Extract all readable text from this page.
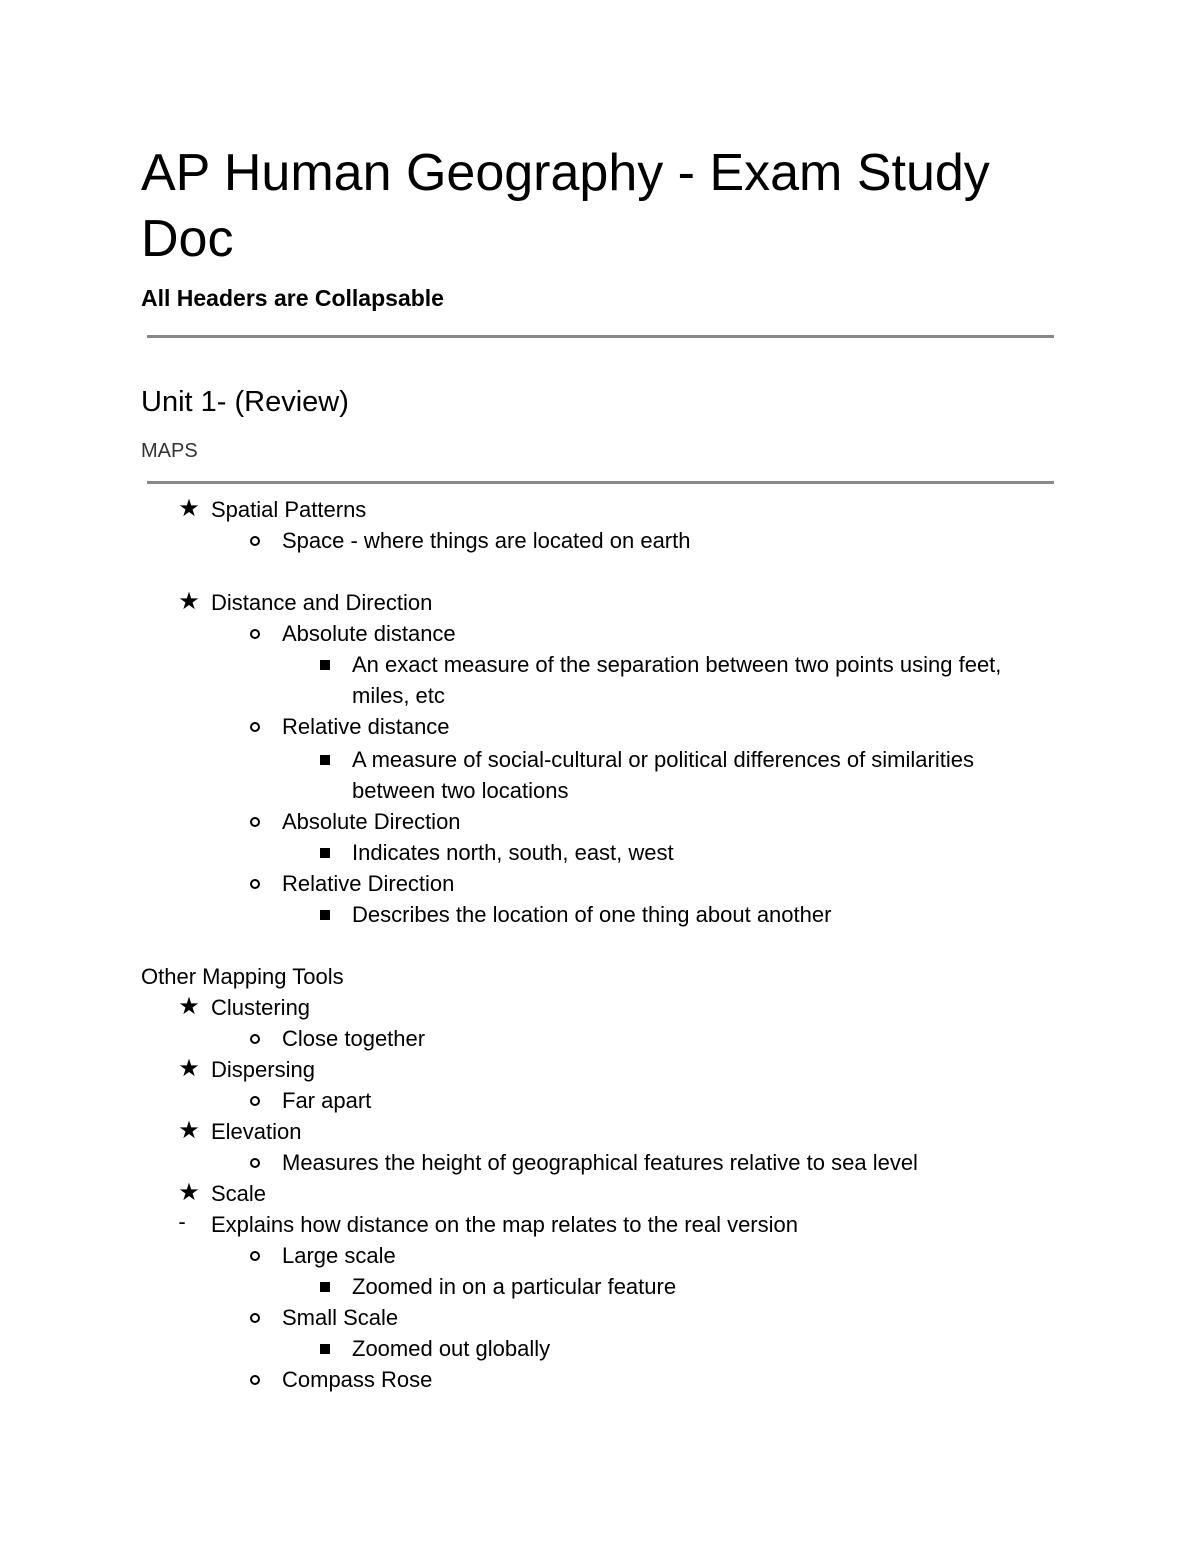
AP Human Geography - Exam Study Doc
All Headers are Collapsable
Unit 1- (Review)
MAPS
★ Spatial Patterns
Space - where things are located on earth
★ Distance and Direction
Absolute distance
An exact measure of the separation between two points using feet,
miles, etc
Relative distance
A measure of social-cultural or political differences of similarities
between two locations
Absolute Direction
Indicates north, south, east, west
Relative Direction
Describes the location of one thing about another
Other Mapping Tools
★ Clustering
Close together
★ Dispersing
Far apart
★ Elevation
Measures the height of geographical features relative to sea level
★ Scale
- Explains how distance on the map relates to the real version
Large scale
Zoomed in on a particular feature
Small Scale
Zoomed out globally
Compass Rose
